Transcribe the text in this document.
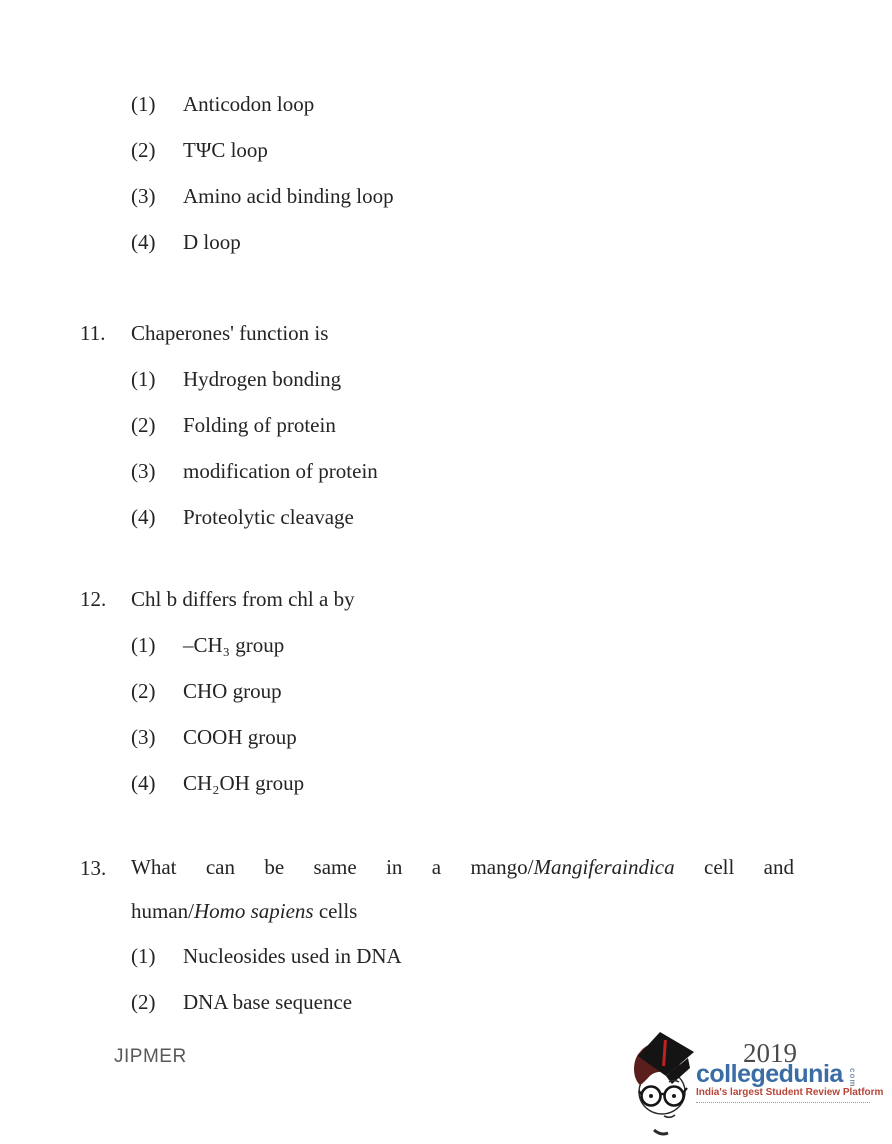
(1)	Anticodon loop
(2)	TΨC loop
(3)	Amino acid binding loop
(4)	D loop
11.	Chaperones' function is
(1)	Hydrogen bonding
(2)	Folding of protein
(3)	modification of protein
(4)	Proteolytic cleavage
12.	Chl b differs from chl a by
(1)	–CH₃ group
(2)	CHO group
(3)	COOH group
(4)	CH₂OH group
13.	What can be same in a mango/Mangiferaindica cell and
human/Homo sapiens cells
(1)	Nucleosides used in DNA
(2)	DNA base sequence
JIPMER	2019
collegedunia com
India's largest Student Review Platform
